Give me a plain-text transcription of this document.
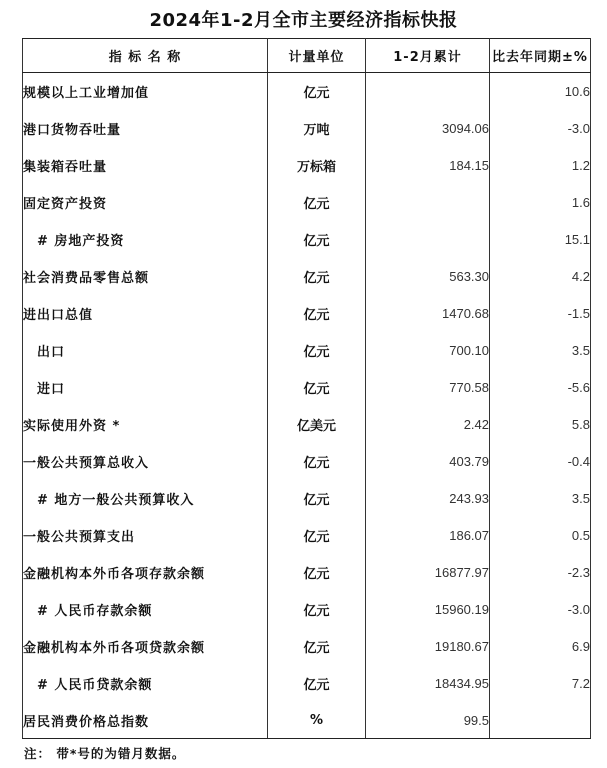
2024年1-2月全市主要经济指标快报
指 标 名 称	计量单位	1-2月累计	比去年同期±%
规模以上工业增加值	亿元		10.6
港口货物吞吐量	万吨	3094.06	-3.0
集装箱吞吐量	万标箱	184.15	1.2
固定资产投资	亿元		1.6
# 房地产投资	亿元		15.1
社会消费品零售总额	亿元	563.30	4.2
进出口总值	亿元	1470.68	-1.5
出口	亿元	700.10	3.5
进口	亿元	770.58	-5.6
实际使用外资 *	亿美元	2.42	5.8
一般公共预算总收入	亿元	403.79	-0.4
# 地方一般公共预算收入	亿元	243.93	3.5
一般公共预算支出	亿元	186.07	0.5
金融机构本外币各项存款余额	亿元	16877.97	-2.3
# 人民币存款余额	亿元	15960.19	-3.0
金融机构本外币各项贷款余额	亿元	19180.67	6.9
# 人民币贷款余额	亿元	18434.95	7.2
居民消费价格总指数	%	99.5	
注： 带*号的为错月数据。
